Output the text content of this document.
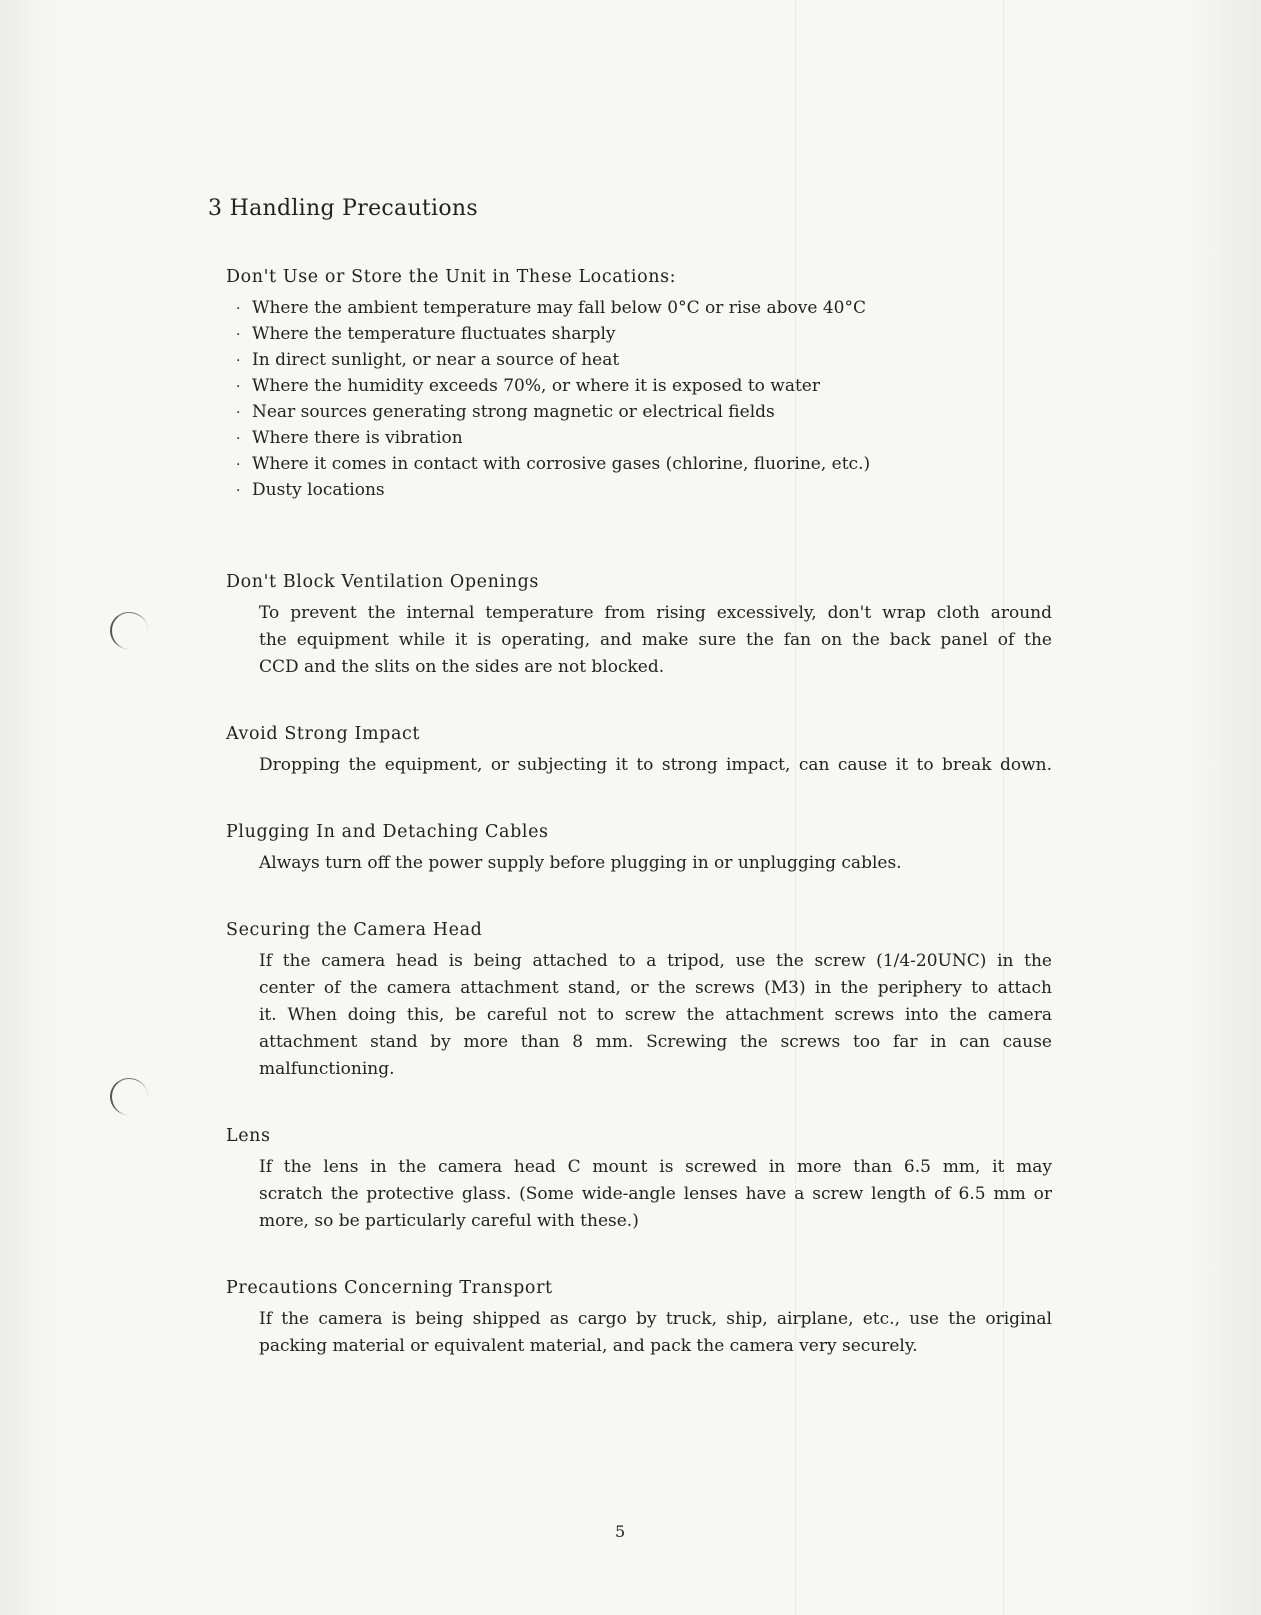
3 Handling Precautions
Don't Use or Store the Unit in These Locations:
· Where the ambient temperature may fall below 0°C or rise above 40°C
· Where the temperature fluctuates sharply
· In direct sunlight, or near a source of heat
· Where the humidity exceeds 70%, or where it is exposed to water
· Near sources generating strong magnetic or electrical fields
· Where there is vibration
· Where it comes in contact with corrosive gases (chlorine, fluorine, etc.)
· Dusty locations
Don't Block Ventilation Openings
To prevent the internal temperature from rising excessively, don't wrap cloth around
the equipment while it is operating, and make sure the fan on the back panel of the
CCD and the slits on the sides are not blocked.
Avoid Strong Impact
Dropping the equipment, or subjecting it to strong impact, can cause it to break down.
Plugging In and Detaching Cables
Always turn off the power supply before plugging in or unplugging cables.
Securing the Camera Head
If the camera head is being attached to a tripod, use the screw (1/4-20UNC) in the
center of the camera attachment stand, or the screws (M3) in the periphery to attach
it. When doing this, be careful not to screw the attachment screws into the camera
attachment stand by more than 8 mm. Screwing the screws too far in can cause
malfunctioning.
Lens
If the lens in the camera head C mount is screwed in more than 6.5 mm, it may
scratch the protective glass. (Some wide-angle lenses have a screw length of 6.5 mm or
more, so be particularly careful with these.)
Precautions Concerning Transport
If the camera is being shipped as cargo by truck, ship, airplane, etc., use the original
packing material or equivalent material, and pack the camera very securely.
5
